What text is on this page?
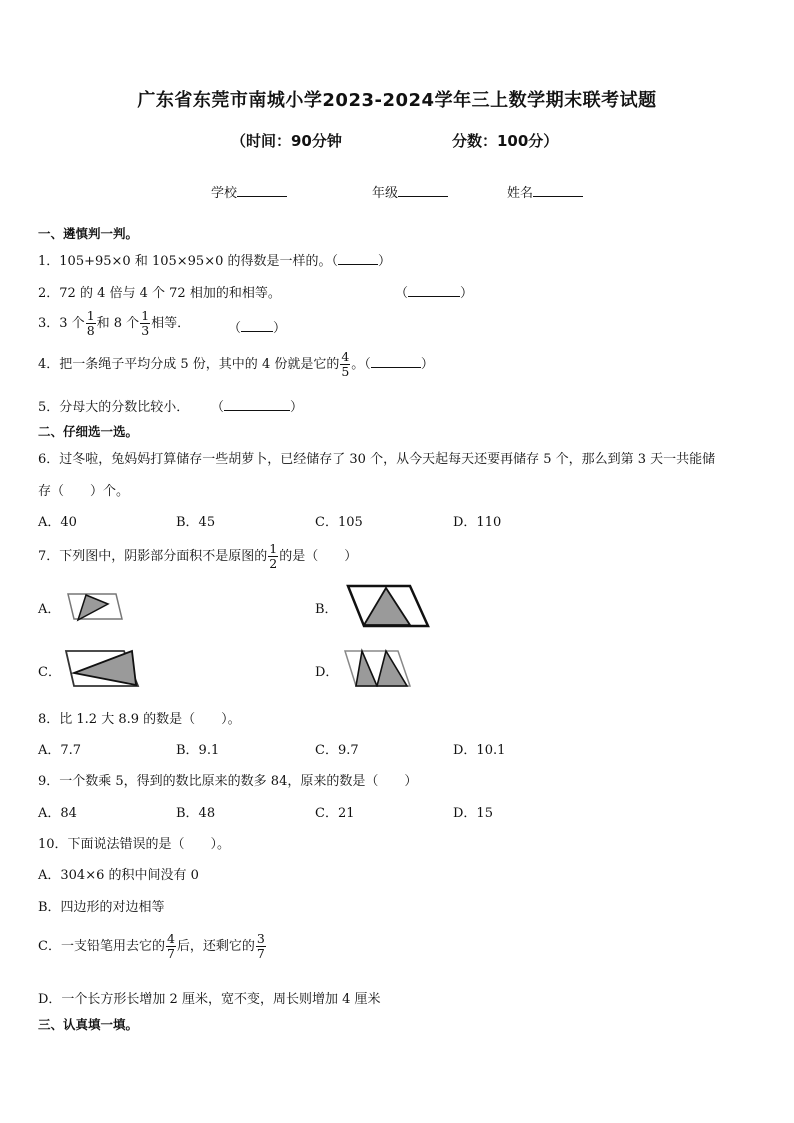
广东省东莞市南城小学2023-2024学年三上数学期末联考试题
（时间：90分钟	分数：100分）
学校	年级	姓名
一、遴慎判一判。
1．105+95×0 和 105×95×0 的得数是一样的。（	）
2．72 的 4 倍与 4 个 72 相加的和相等。	（	）
3．3 个 $\frac{1}{8}$ 和 8 个 $\frac{1}{3}$ 相等．	（ ）
4．把一条绳子平均分成 5 份，其中的 4 份就是它的 $\frac{4}{5}$ 。（	）
5．分母大的分数比较小． （	）
二、仔细选一选。
6．过冬啦，兔妈妈打算储存一些胡萝卜，已经储存了 30 个，从今天起每天还要再储存 5 个，那么到第 3 天一共能储
存（　　）个。
A．40	B．45	C．105	D．110
7．下列图中，阴影部分面积不是原图的 $\frac{1}{2}$ 的是（　　）
A．	B．
C．	D．
8．比 1.2 大 8.9 的数是（　　）。
A．7.7	B．9.1	C．9.7	D．10.1
9．一个数乘 5，得到的数比原来的数多 84，原来的数是（　　）
A．84	B．48	C．21	D．15
10．下面说法错误的是（　　）。
A．304×6 的积中间没有 0
B．四边形的对边相等
C．一支铅笔用去它的 $\frac{4}{7}$ 后，还剩它的 $\frac{3}{7}$
D．一个长方形长增加 2 厘米，宽不变，周长则增加 4 厘米
三、认真填一填。
